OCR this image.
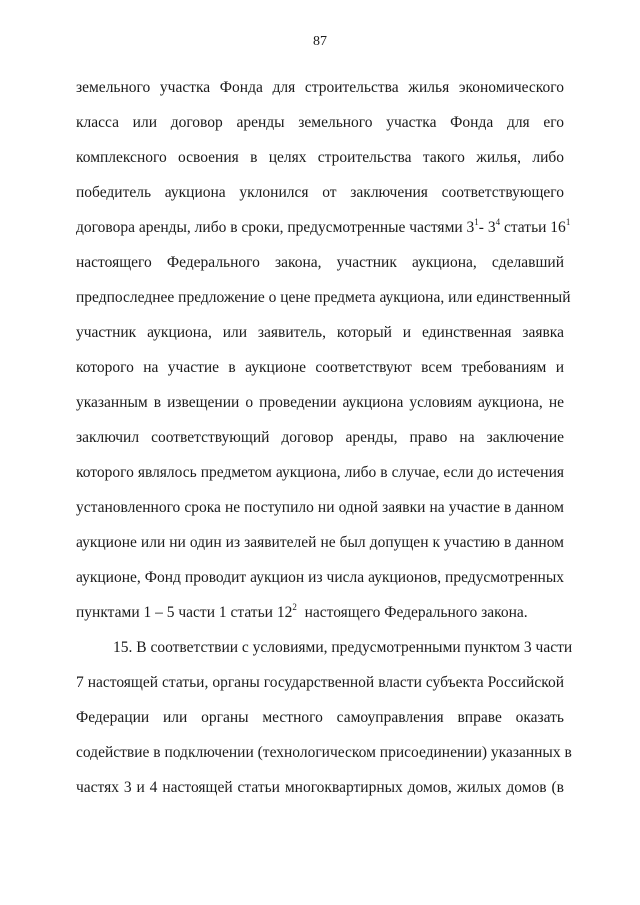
87
земельного участка Фонда для строительства жилья экономического
класса или договор аренды земельного участка Фонда для его
комплексного освоения в целях строительства такого жилья, либо
победитель аукциона уклонился от заключения соответствующего
договора аренды, либо в сроки, предусмотренные частями $3^1-$ $3^4$ статьи $16^1$
настоящего Федерального закона, участник аукциона, сделавший
предпоследнее предложение о цене предмета аукциона, или единственный
участник аукциона, или заявитель, который и единственная заявка
которого на участие в аукционе соответствуют всем требованиям и
указанным в извещении о проведении аукциона условиям аукциона, не
заключил соответствующий договор аренды, право на заключение
которого являлось предметом аукциона, либо в случае, если до истечения
установленного срока не поступило ни одной заявки на участие в данном
аукционе или ни один из заявителей не был допущен к участию в данном
аукционе, Фонд проводит аукцион из числа аукционов, предусмотренных
пунктами 1 – 5 части 1 статьи $12^2$  настоящего Федерального закона.
15. В соответствии с условиями, предусмотренными пунктом 3 части
7 настоящей статьи, органы государственной власти субъекта Российской
Федерации или органы местного самоуправления вправе оказать
содействие в подключении (технологическом присоединении) указанных в
частях 3 и 4 настоящей статьи многоквартирных домов, жилых домов (в
